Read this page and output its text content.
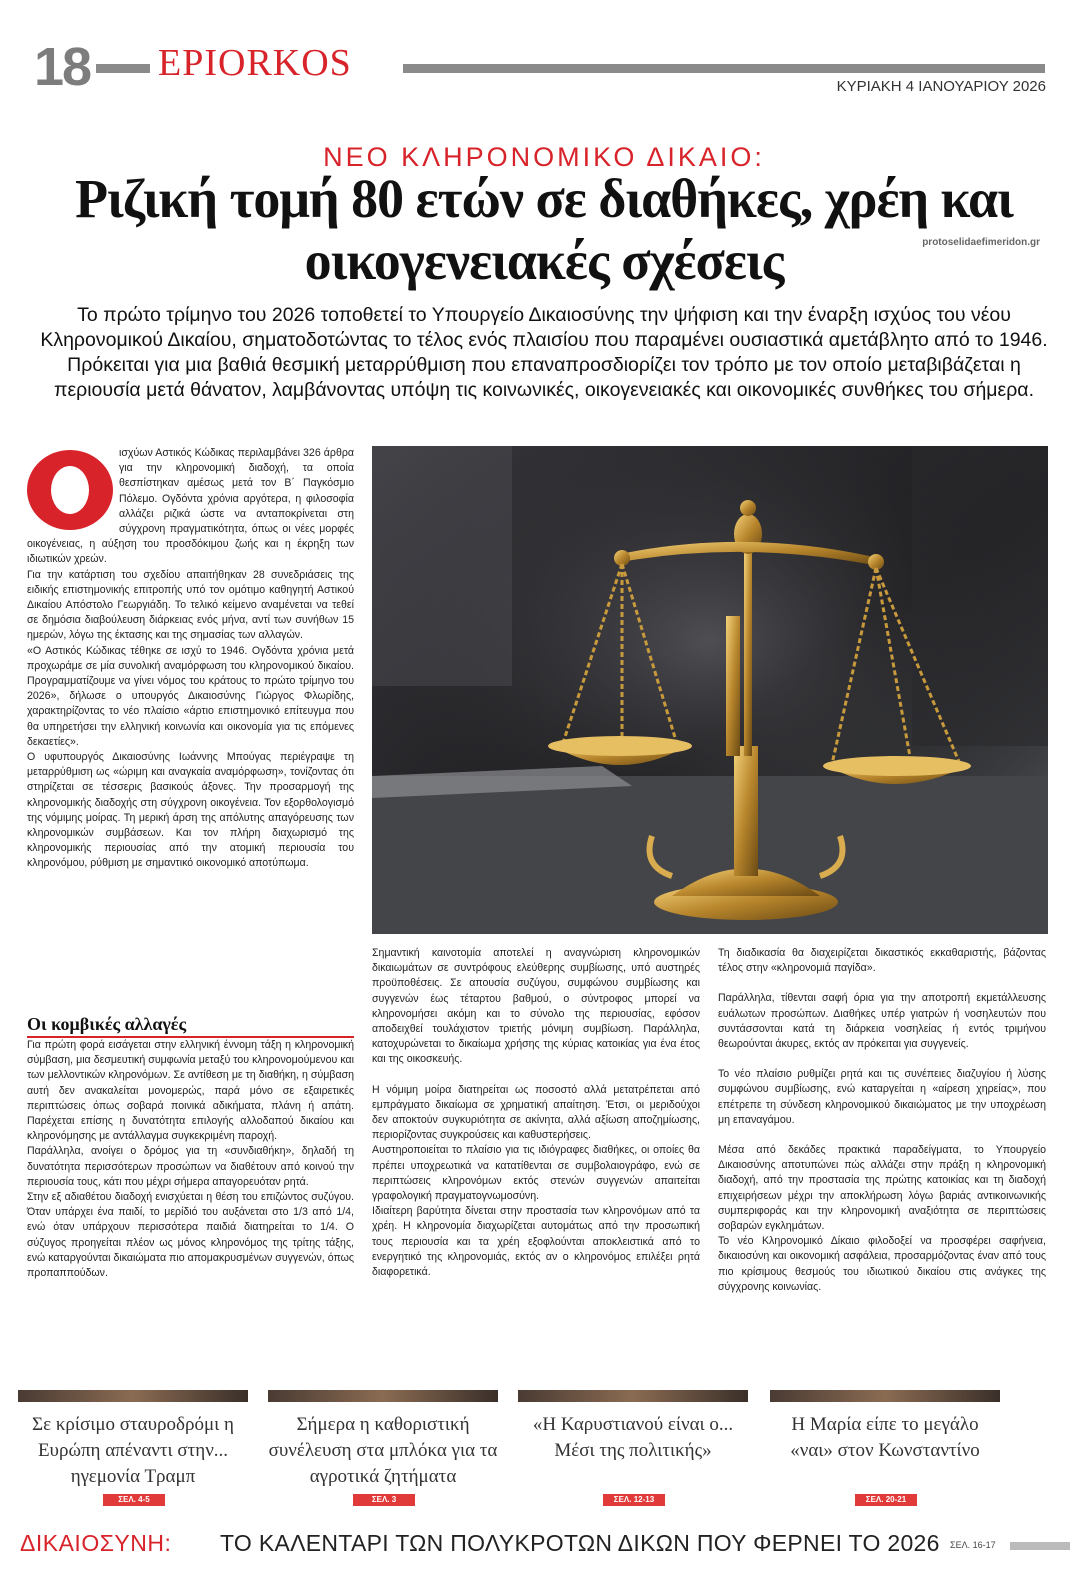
18 EPIORKOS
ΚΥΡΙΑΚΗ 4 ΙΑΝΟΥΑΡΙΟΥ 2026
ΝΕΟ ΚΛΗΡΟΝΟΜΙΚΟ ΔΙΚΑΙΟ:
Ριζική τομή 80 ετών σε διαθήκες, χρέη και
οικογενειακές σχέσεις	protoselidaefimeridon.gr

Το πρώτο τρίμηνο του 2026 τοποθετεί το Υπουργείο Δικαιοσύνης την ψήφιση και την έναρξη ισχύος του νέου Κληρονομικού Δικαίου, σηματοδοτώντας το τέλος ενός πλαισίου που παραμένει ουσιαστικά αμετάβλητο από το 1946. Πρόκειται για μια βαθιά θεσμική μεταρρύθμιση που επαναπροσδιορίζει τον τρόπο με τον οποίο μεταβιβάζεται η περιουσία μετά θάνατον, λαμβάνοντας υπόψη τις κοινωνικές, οικογενειακές και οικονομικές συνθήκες του σήμερα.

ισχύων Αστικός Κώδικας περιλαμβάνει 326 άρθρα για την κληρονομική διαδοχή, τα οποία θεσπίστηκαν αμέσως μετά τον Β΄ Παγκόσμιο Πόλεμο. Ογδόντα χρόνια αργότερα, η φιλοσοφία αλλάζει ριζικά ώστε να ανταποκρίνεται στη σύγχρονη πραγματικότητα, όπως οι νέες μορφές οικογένειας, η αύξηση του προσδόκιμου ζωής και η έκρηξη των ιδιωτικών χρεών.

Για την κατάρτιση του σχεδίου απαιτήθηκαν 28 συνεδριάσεις της ειδικής επιστημονικής επιτροπής υπό τον ομότιμο καθηγητή Αστικού Δικαίου Απόστολο Γεωργιάδη. Το τελικό κείμενο αναμένεται να τεθεί σε δημόσια διαβούλευση διάρκειας ενός μήνα, αντί των συνήθων 15 ημερών, λόγω της έκτασης και της σημασίας των αλλαγών.

«Ο Αστικός Κώδικας τέθηκε σε ισχύ το 1946. Ογδόντα χρόνια μετά προχωράμε σε μία συνολική αναμόρφωση του κληρονομικού δικαίου. Προγραμματίζουμε να γίνει νόμος του κράτους το πρώτο τρίμηνο του 2026», δήλωσε ο υπουργός Δικαιοσύνης Γιώργος Φλωρίδης, χαρακτηρίζοντας το νέο πλαίσιο «άρτιο επιστημονικό επίτευγμα που θα υπηρετήσει την ελληνική κοινωνία και οικονομία για τις επόμενες δεκαετίες».

Ο υφυπουργός Δικαιοσύνης Ιωάννης Μπούγας περιέγραψε τη μεταρρύθμιση ως «ώριμη και αναγκαία αναμόρφωση», τονίζοντας ότι στηρίζεται σε τέσσερις βασικούς άξονες. Την προσαρμογή της κληρονομικής διαδοχής στη σύγχρονη οικογένεια. Τον εξορθολογισμό της νόμιμης μοίρας. Τη μερική άρση της απόλυτης απαγόρευσης των κληρονομικών συμβάσεων. Και τον πλήρη διαχωρισμό της κληρονομικής περιουσίας από την ατομική περιουσία του κληρονόμου, ρύθμιση με σημαντικό οικονομικό αποτύπωμα.

Οι κομβικές αλλαγές

Για πρώτη φορά εισάγεται στην ελληνική έννομη τάξη η κληρονομική σύμβαση, μια δεσμευτική συμφωνία μεταξύ του κληρονομούμενου και των μελλοντικών κληρονόμων. Σε αντίθεση με τη διαθήκη, η σύμβαση αυτή δεν ανακαλείται μονομερώς, παρά μόνο σε εξαιρετικές περιπτώσεις όπως σοβαρά ποινικά αδικήματα, πλάνη ή απάτη. Παρέχεται επίσης η δυνατότητα επιλογής αλλοδαπού δικαίου και κληρονόμησης με αντάλλαγμα συγκεκριμένη παροχή.

Παράλληλα, ανοίγει ο δρόμος για τη «συνδιαθήκη», δηλαδή τη δυνατότητα περισσότερων προσώπων να διαθέτουν από κοινού την περιουσία τους, κάτι που μέχρι σήμερα απαγορευόταν ρητά.

Στην εξ αδιαθέτου διαδοχή ενισχύεται η θέση του επιζώντος συζύγου. Όταν υπάρχει ένα παιδί, το μερίδιό του αυξάνεται στο 1/3 από 1/4, ενώ όταν υπάρχουν περισσότερα παιδιά διατηρείται το 1/4. Ο σύζυγος προηγείται πλέον ως μόνος κληρονόμος της τρίτης τάξης, ενώ καταργούνται δικαιώματα πιο απομακρυσμένων συγγενών, όπως προπαππούδων.

Σημαντική καινοτομία αποτελεί η αναγνώριση κληρονομικών δικαιωμάτων σε συντρόφους ελεύθερης συμβίωσης, υπό αυστηρές προϋποθέσεις. Σε απουσία συζύγου, συμφώνου συμβίωσης και συγγενών έως τέταρτου βαθμού, ο σύντροφος μπορεί να κληρονομήσει ακόμη και το σύνολο της περιουσίας, εφόσον αποδειχθεί τουλάχιστον τριετής μόνιμη συμβίωση. Παράλληλα, κατοχυρώνεται το δικαίωμα χρήσης της κύριας κατοικίας για ένα έτος και της οικοσκευής.

Η νόμιμη μοίρα διατηρείται ως ποσοστό αλλά μετατρέπεται από εμπράγματο δικαίωμα σε χρηματική απαίτηση. Έτσι, οι μεριδούχοι δεν αποκτούν συγκυριότητα σε ακίνητα, αλλά αξίωση αποζημίωσης, περιορίζοντας συγκρούσεις και καθυστερήσεις.

Αυστηροποιείται το πλαίσιο για τις ιδιόγραφες διαθήκες, οι οποίες θα πρέπει υποχρεωτικά να κατατίθενται σε συμβολαιογράφο, ενώ σε περιπτώσεις κληρονόμων εκτός στενών συγγενών απαιτείται γραφολογική πραγματογνωμοσύνη.

Ιδιαίτερη βαρύτητα δίνεται στην προστασία των κληρονόμων από τα χρέη. Η κληρονομία διαχωρίζεται αυτομάτως από την προσωπική τους περιουσία και τα χρέη εξοφλούνται αποκλειστικά από το ενεργητικό της κληρονομιάς, εκτός αν ο κληρονόμος επιλέξει ρητά διαφορετικά.

Τη διαδικασία θα διαχειρίζεται δικαστικός εκκαθαριστής, βάζοντας τέλος στην «κληρονομιά παγίδα».

Παράλληλα, τίθενται σαφή όρια για την αποτροπή εκμετάλλευσης ευάλωτων προσώπων. Διαθήκες υπέρ γιατρών ή νοσηλευτών που συντάσσονται κατά τη διάρκεια νοσηλείας ή εντός τριμήνου θεωρούνται άκυρες, εκτός αν πρόκειται για συγγενείς.

Το νέο πλαίσιο ρυθμίζει ρητά και τις συνέπειες διαζυγίου ή λύσης συμφώνου συμβίωσης, ενώ καταργείται η «αίρεση χηρείας», που επέτρεπε τη σύνδεση κληρονομικού δικαιώματος με την υποχρέωση μη επαναγάμου.

Μέσα από δεκάδες πρακτικά παραδείγματα, το Υπουργείο Δικαιοσύνης αποτυπώνει πώς αλλάζει στην πράξη η κληρονομική διαδοχή, από την προστασία της πρώτης κατοικίας και τη διαδοχή επιχειρήσεων μέχρι την αποκλήρωση λόγω βαριάς αντικοινωνικής συμπεριφοράς και την κληρονομική αναξιότητα σε περιπτώσεις σοβαρών εγκλημάτων.

Το νέο Κληρονομικό Δίκαιο φιλοδοξεί να προσφέρει σαφήνεια, δικαιοσύνη και οικονομική ασφάλεια, προσαρμόζοντας έναν από τους πιο κρίσιμους θεσμούς του ιδιωτικού δικαίου στις ανάγκες της σύγχρονης κοινωνίας.

Σε κρίσιμο σταυροδρόμι η Ευρώπη απέναντι στην... ηγεμονία Τραμπ
ΣΕΛ. 4-5
Σήμερα η καθοριστική συνέλευση στα μπλόκα για τα αγροτικά ζητήματα
ΣΕΛ. 3
«Η Καρυστιανού είναι ο... Μέσι της πολιτικής»
ΣΕΛ. 12-13
Η Μαρία είπε το μεγάλο «ναι» στον Κωνσταντίνο
ΣΕΛ. 20-21
ΔΙΚΑΙΟΣΥΝΗ: ΤΟ ΚΑΛΕΝΤΑΡΙ ΤΩΝ ΠΟΛΥΚΡΟΤΩΝ ΔΙΚΩΝ ΠΟΥ ΦΕΡΝΕΙ ΤΟ 2026 ΣΕΛ. 16-17
